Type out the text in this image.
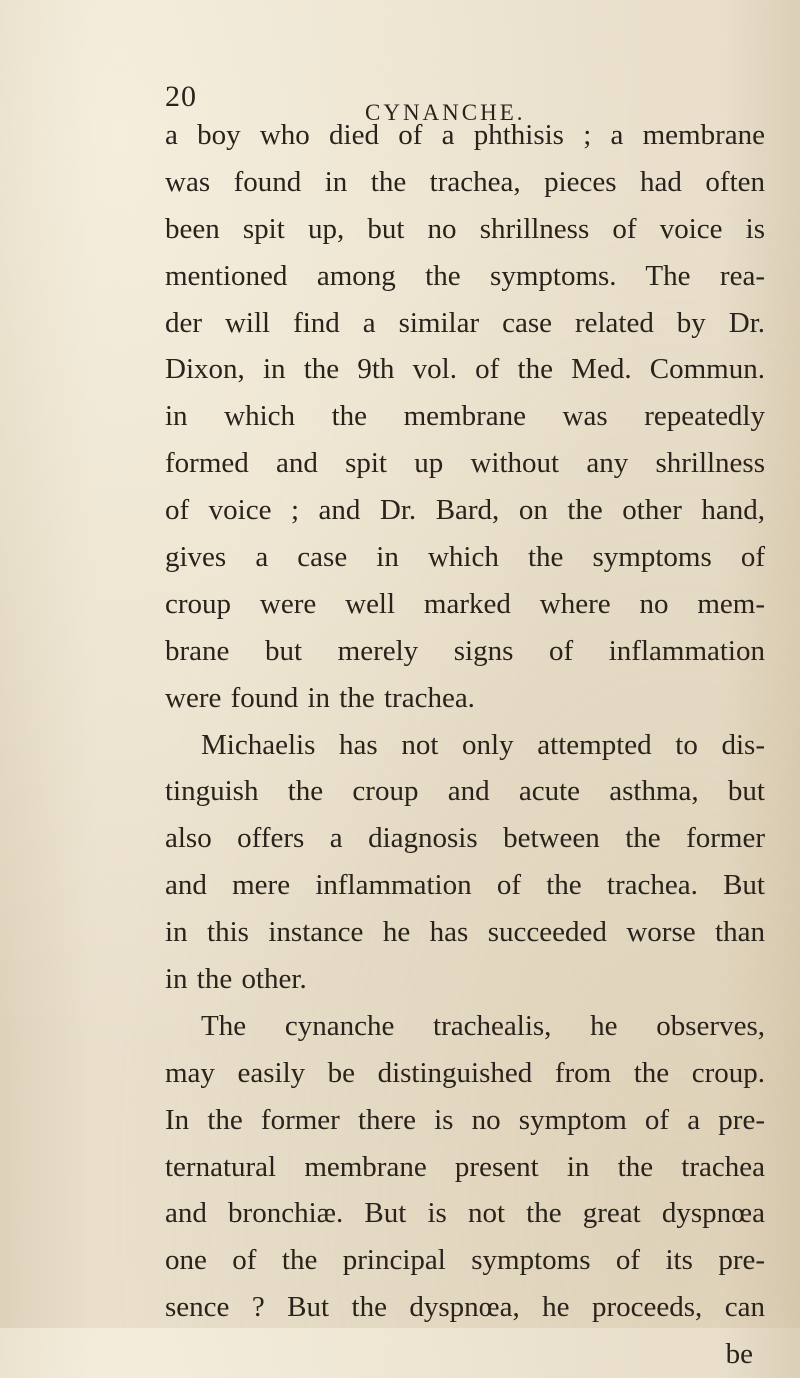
20	CYNANCHE.
a boy who died of a phthisis ; a membrane
was found in the trachea, pieces had often
been spit up, but no shrillness of voice is
mentioned among the symptoms. The rea-
der will find a similar case related by Dr.
Dixon, in the 9th vol. of the Med. Commun.
in which the membrane was repeatedly
formed and spit up without any shrillness
of voice ; and Dr. Bard, on the other hand,
gives a case in which the symptoms of
croup were well marked where no mem-
brane but merely signs of inflammation
were found in the trachea.
Michaelis has not only attempted to dis-
tinguish the croup and acute asthma, but
also offers a diagnosis between the former
and mere inflammation of the trachea. But
in this instance he has succeeded worse than
in the other.
The cynanche trachealis, he observes,
may easily be distinguished from the croup.
In the former there is no symptom of a pre-
ternatural membrane present in the trachea
and bronchiæ. But is not the great dyspnœa
one of the principal symptoms of its pre-
sence ? But the dyspnœa, he proceeds, can
be
